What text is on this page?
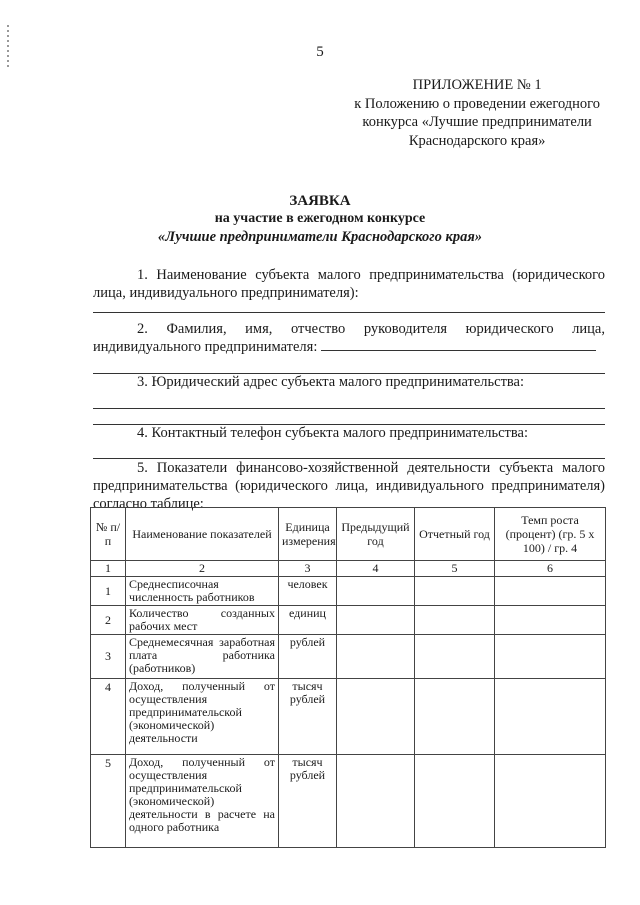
5
ПРИЛОЖЕНИЕ № 1
к Положению о проведении ежегодного
конкурса «Лучшие предприниматели
Краснодарского края»
ЗАЯВКА
на участие в ежегодном конкурсе
«Лучшие предприниматели Краснодарского края»
1. Наименование субъекта малого предпринимательства (юридического лица, индивидуального предпринимателя):
2. Фамилия, имя, отчество руководителя юридического лица,
индивидуального предпринимателя:
3. Юридический адрес субъекта малого предпринимательства:
4. Контактный телефон субъекта малого предпринимательства:
5. Показатели финансово-хозяйственной деятельности субъекта малого предпринимательства (юридического лица, индивидуального предпринимателя) согласно таблице:
№ п/п	Наименование показателей	Единица измерения	Предыдущий год	Отчетный год	Темп роста (процент) (гр. 5 х 100) / гр. 4
1	2	3	4	5	6
1	Среднесписочная численность работников	человек			
2	Количество созданных рабочих мест	единиц			
3	Среднемесячная заработная плата работника (работников)	рублей			
4	Доход, полученный от осуществления предпринимательской (экономической) деятельности	тысяч рублей			
5	Доход, полученный от осуществления предпринимательской (экономической) деятельности в расчете на одного работника	тысяч рублей			
